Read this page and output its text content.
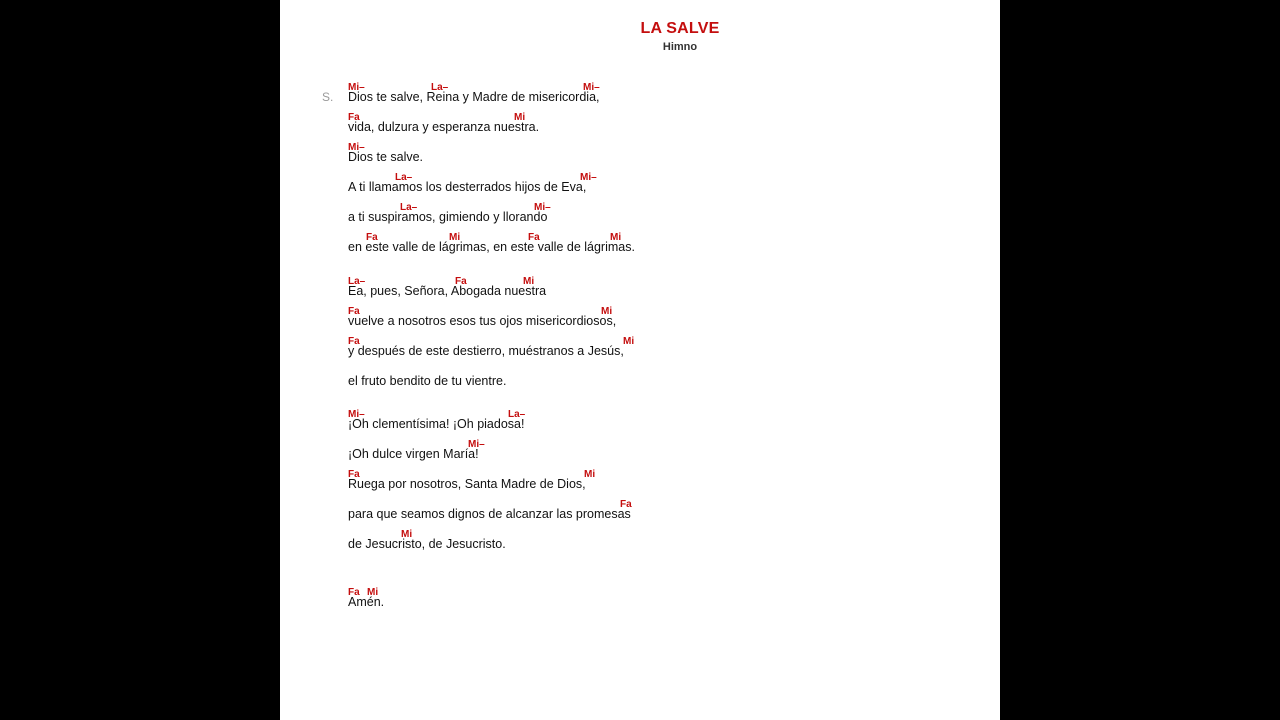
LA SALVE
Himno
S.
Mi–	La–	Mi–
Dios te salve, Reina y Madre de misericordia,
Fa	Mi
vida, dulzura y esperanza nuestra.
Mi–
Dios te salve.
La–	Mi–
A ti llamamos los desterrados hijos de Eva,
La–	Mi–
a ti suspiramos, gimiendo y llorando
Fa	Mi	Fa	Mi
en este valle de lágrimas, en este valle de lágrimas.
La–	Fa	Mi
Ea, pues, Señora, Abogada nuestra
Fa	Mi
vuelve a nosotros esos tus ojos misericordiosos,
Fa	Mi
y después de este destierro, muéstranos a Jesús,
el fruto bendito de tu vientre.
Mi–	La–
¡Oh clementísima! ¡Oh piadosa!
Mi–
¡Oh dulce virgen María!
Fa	Mi
Ruega por nosotros, Santa Madre de Dios,
Fa
para que seamos dignos de alcanzar las promesas
Mi
de Jesucristo, de Jesucristo.
Fa Mi
Amén.
